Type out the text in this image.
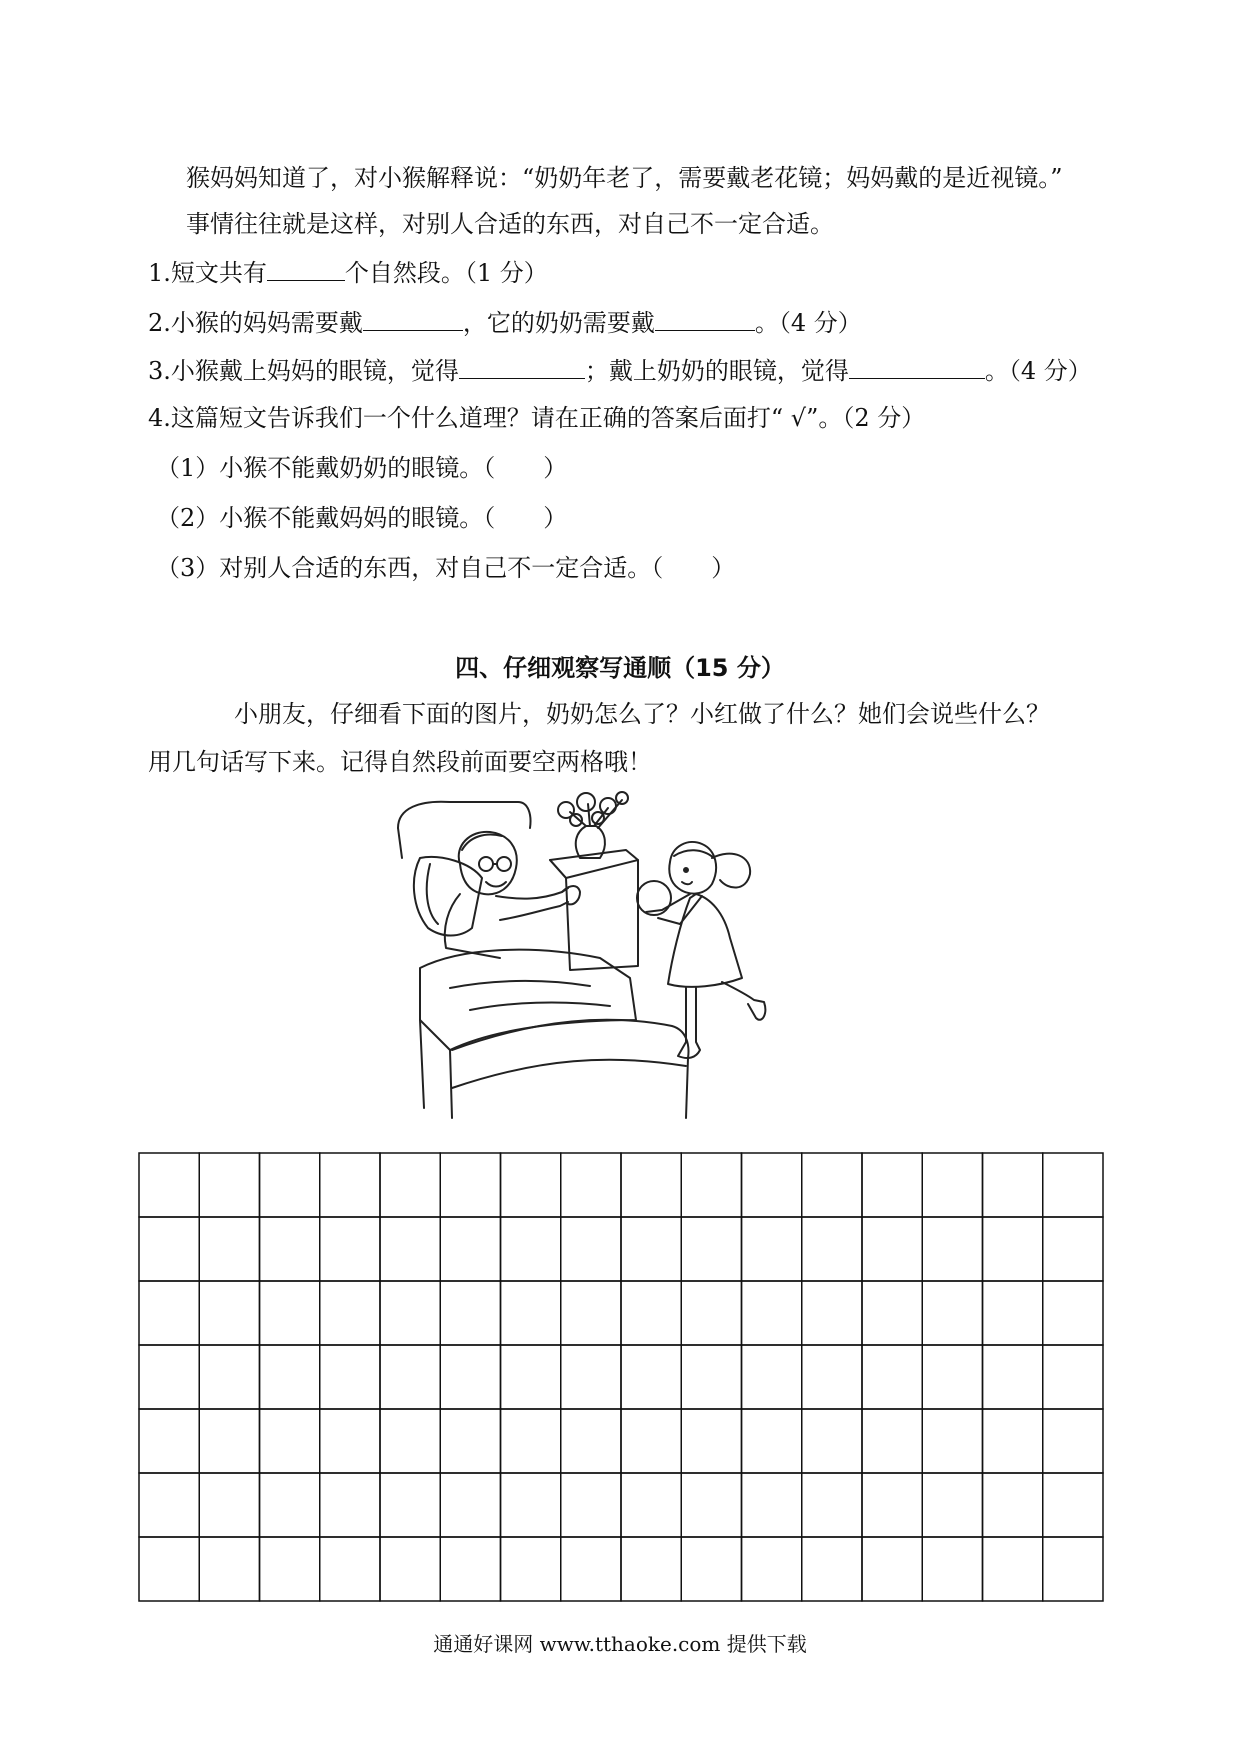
猴妈妈知道了，对小猴解释说：“奶奶年老了，需要戴老花镜；妈妈戴的是近视镜。”
事情往往就是这样，对别人合适的东西，对自己不一定合适。
1.短文共有	个自然段。（1 分）
2.小猴的妈妈需要戴	，它的奶奶需要戴	。（4 分）
3.小猴戴上妈妈的眼镜，觉得	；戴上奶奶的眼镜，觉得	。（4 分）
4.这篇短文告诉我们一个什么道理？请在正确的答案后面打“ √”。（2 分）
（1）小猴不能戴奶奶的眼镜。（　　）
（2）小猴不能戴妈妈的眼镜。（　　）
（3）对别人合适的东西，对自己不一定合适。（　　）
四、仔细观察写通顺（15 分）
小朋友，仔细看下面的图片，奶奶怎么了？小红做了什么？她们会说些什么？
用几句话写下来。记得自然段前面要空两格哦！
通通好课网 www.tthaoke.com 提供下载
